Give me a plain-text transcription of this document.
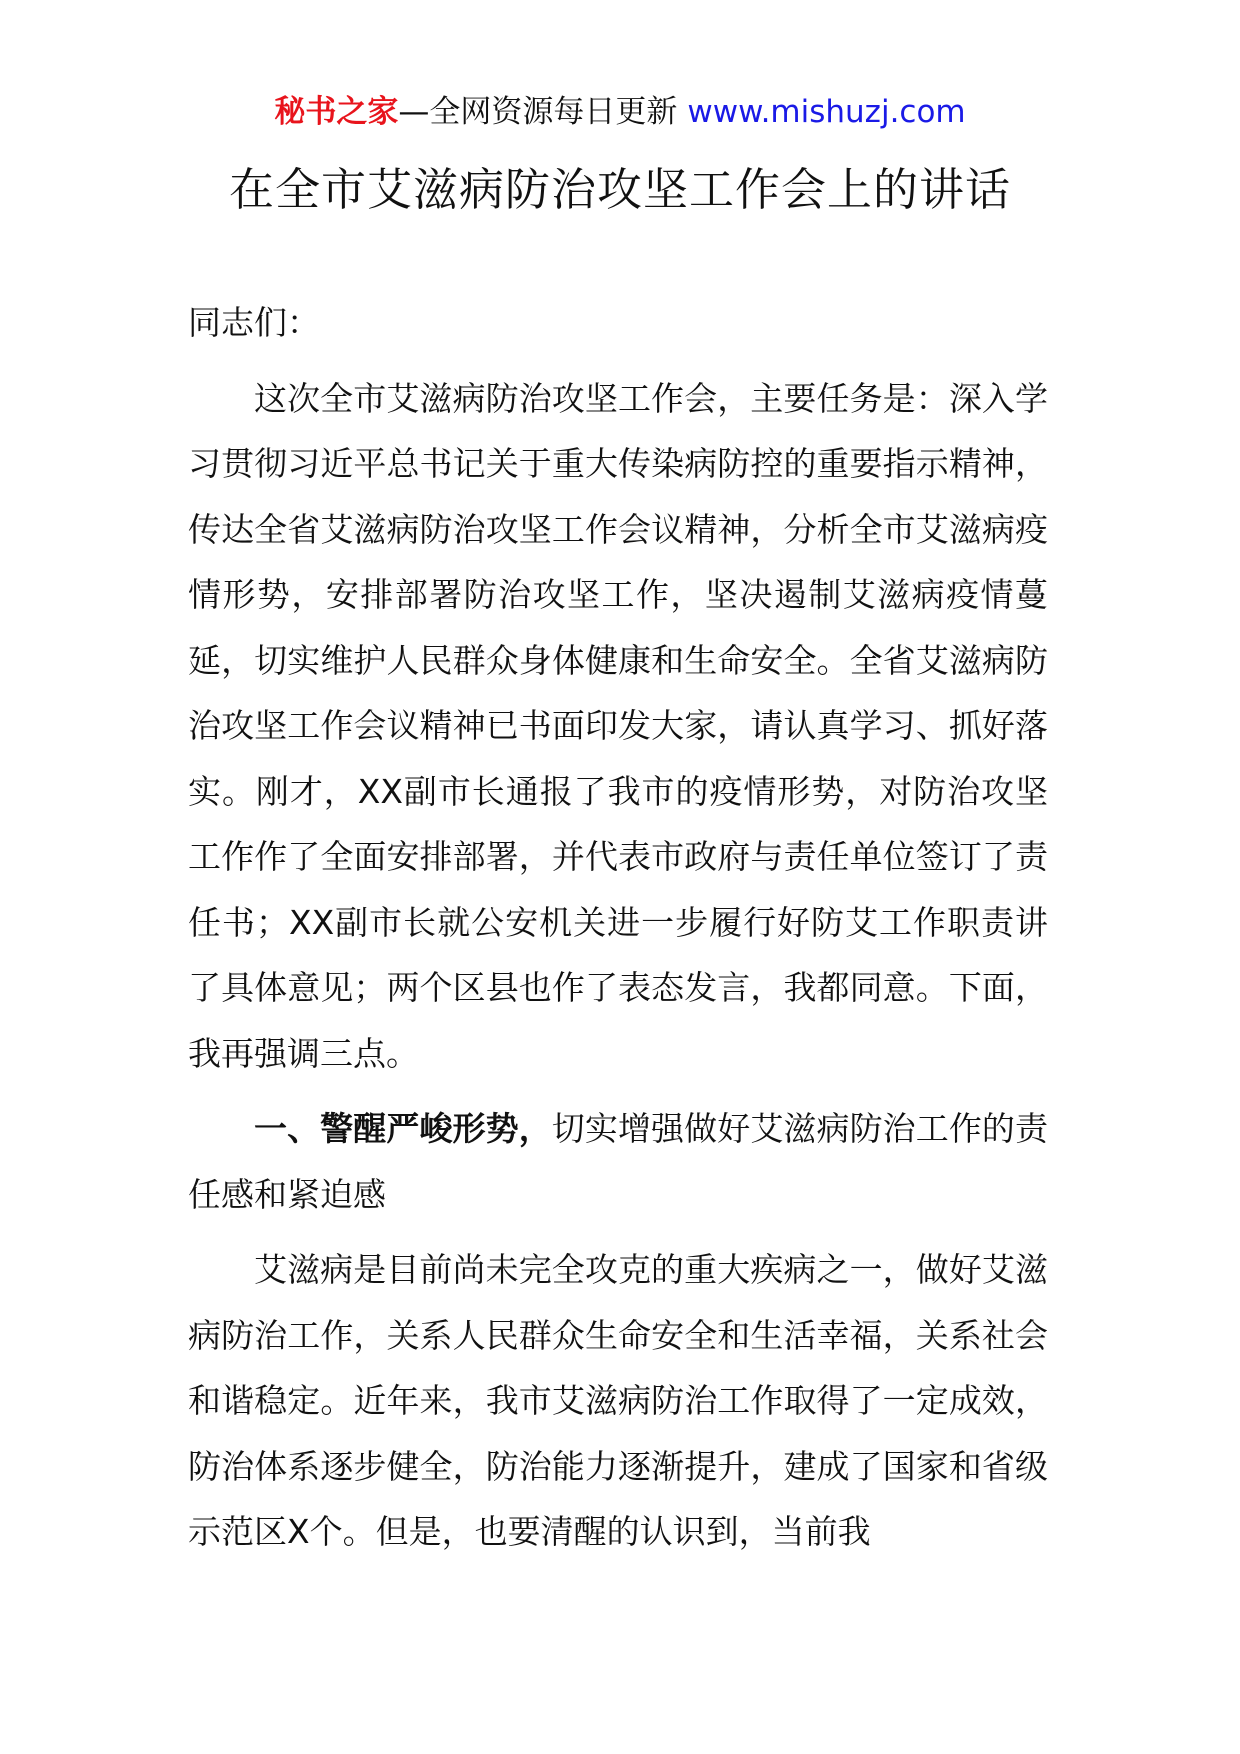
秘书之家—全网资源每日更新 www.mishuzj.com
在全市艾滋病防治攻坚工作会上的讲话

同志们：

这次全市艾滋病防治攻坚工作会，主要任务是：深入学习贯彻习近平总书记关于重大传染病防控的重要指示精神，传达全省艾滋病防治攻坚工作会议精神，分析全市艾滋病疫情形势，安排部署防治攻坚工作，坚决遏制艾滋病疫情蔓延，切实维护人民群众身体健康和生命安全。全省艾滋病防治攻坚工作会议精神已书面印发大家，请认真学习、抓好落实。刚才，XX副市长通报了我市的疫情形势，对防治攻坚工作作了全面安排部署，并代表市政府与责任单位签订了责任书；XX副市长就公安机关进一步履行好防艾工作职责讲了具体意见；两个区县也作了表态发言，我都同意。下面，我再强调三点。

一、警醒严峻形势，切实增强做好艾滋病防治工作的责任感和紧迫感

艾滋病是目前尚未完全攻克的重大疾病之一，做好艾滋病防治工作，关系人民群众生命安全和生活幸福，关系社会和谐稳定。近年来，我市艾滋病防治工作取得了一定成效，防治体系逐步健全，防治能力逐渐提升，建成了国家和省级示范区X个。但是，也要清醒的认识到，当前我
